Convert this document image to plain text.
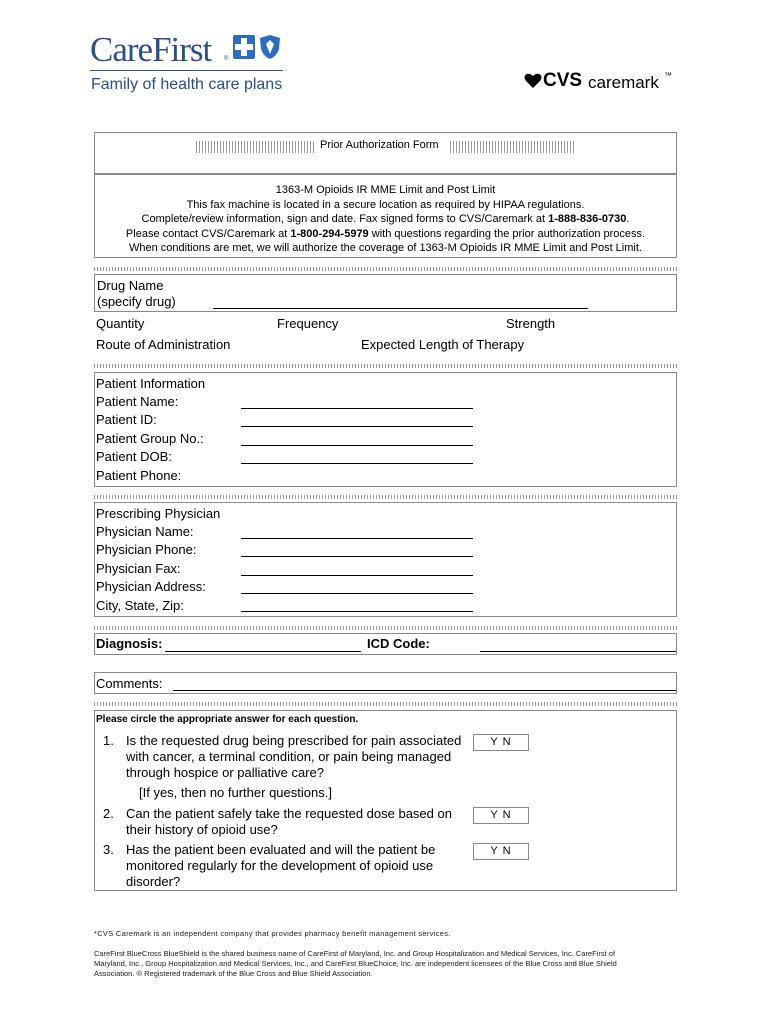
CareFirst ®
Family of health care plans	CVS caremark ™
Prior Authorization Form
1363-M Opioids IR MME Limit and Post Limit
This fax machine is located in a secure location as required by HIPAA regulations.
Complete/review information, sign and date. Fax signed forms to CVS/Caremark at 1-888-836-0730.
Please contact CVS/Caremark at 1-800-294-5979 with questions regarding the prior authorization process.
When conditions are met, we will authorize the coverage of 1363-M Opioids IR MME Limit and Post Limit.
Drug Name
(specify drug)
Quantity	Frequency	Strength
Route of Administration	Expected Length of Therapy
Patient Information
Patient Name:
Patient ID:
Patient Group No.:
Patient DOB:
Patient Phone:
Prescribing Physician
Physician Name:
Physician Phone:
Physician Fax:
Physician Address:
City, State, Zip:
Diagnosis:	ICD Code:
Comments:
Please circle the appropriate answer for each question.
1. Is the requested drug being prescribed for pain associated
with cancer, a terminal condition, or pain being managed
through hospice or palliative care?
Y N
[If yes, then no further questions.]
2. Can the patient safely take the requested dose based on
their history of opioid use?
Y N
3. Has the patient been evaluated and will the patient be
monitored regularly for the development of opioid use
disorder?
Y N
*CVS Caremark is an independent company that provides pharmacy benefit management services.
CareFirst BlueCross BlueShield is the shared business name of CareFirst of Maryland, Inc. and Group Hospitalization and Medical Services, Inc. CareFirst of
Maryland, Inc., Group Hospitalization and Medical Services, Inc., and CareFirst BlueChoice, Inc. are independent licensees of the Blue Cross and Blue Shield
Association. ® Registered trademark of the Blue Cross and Blue Shield Association.
